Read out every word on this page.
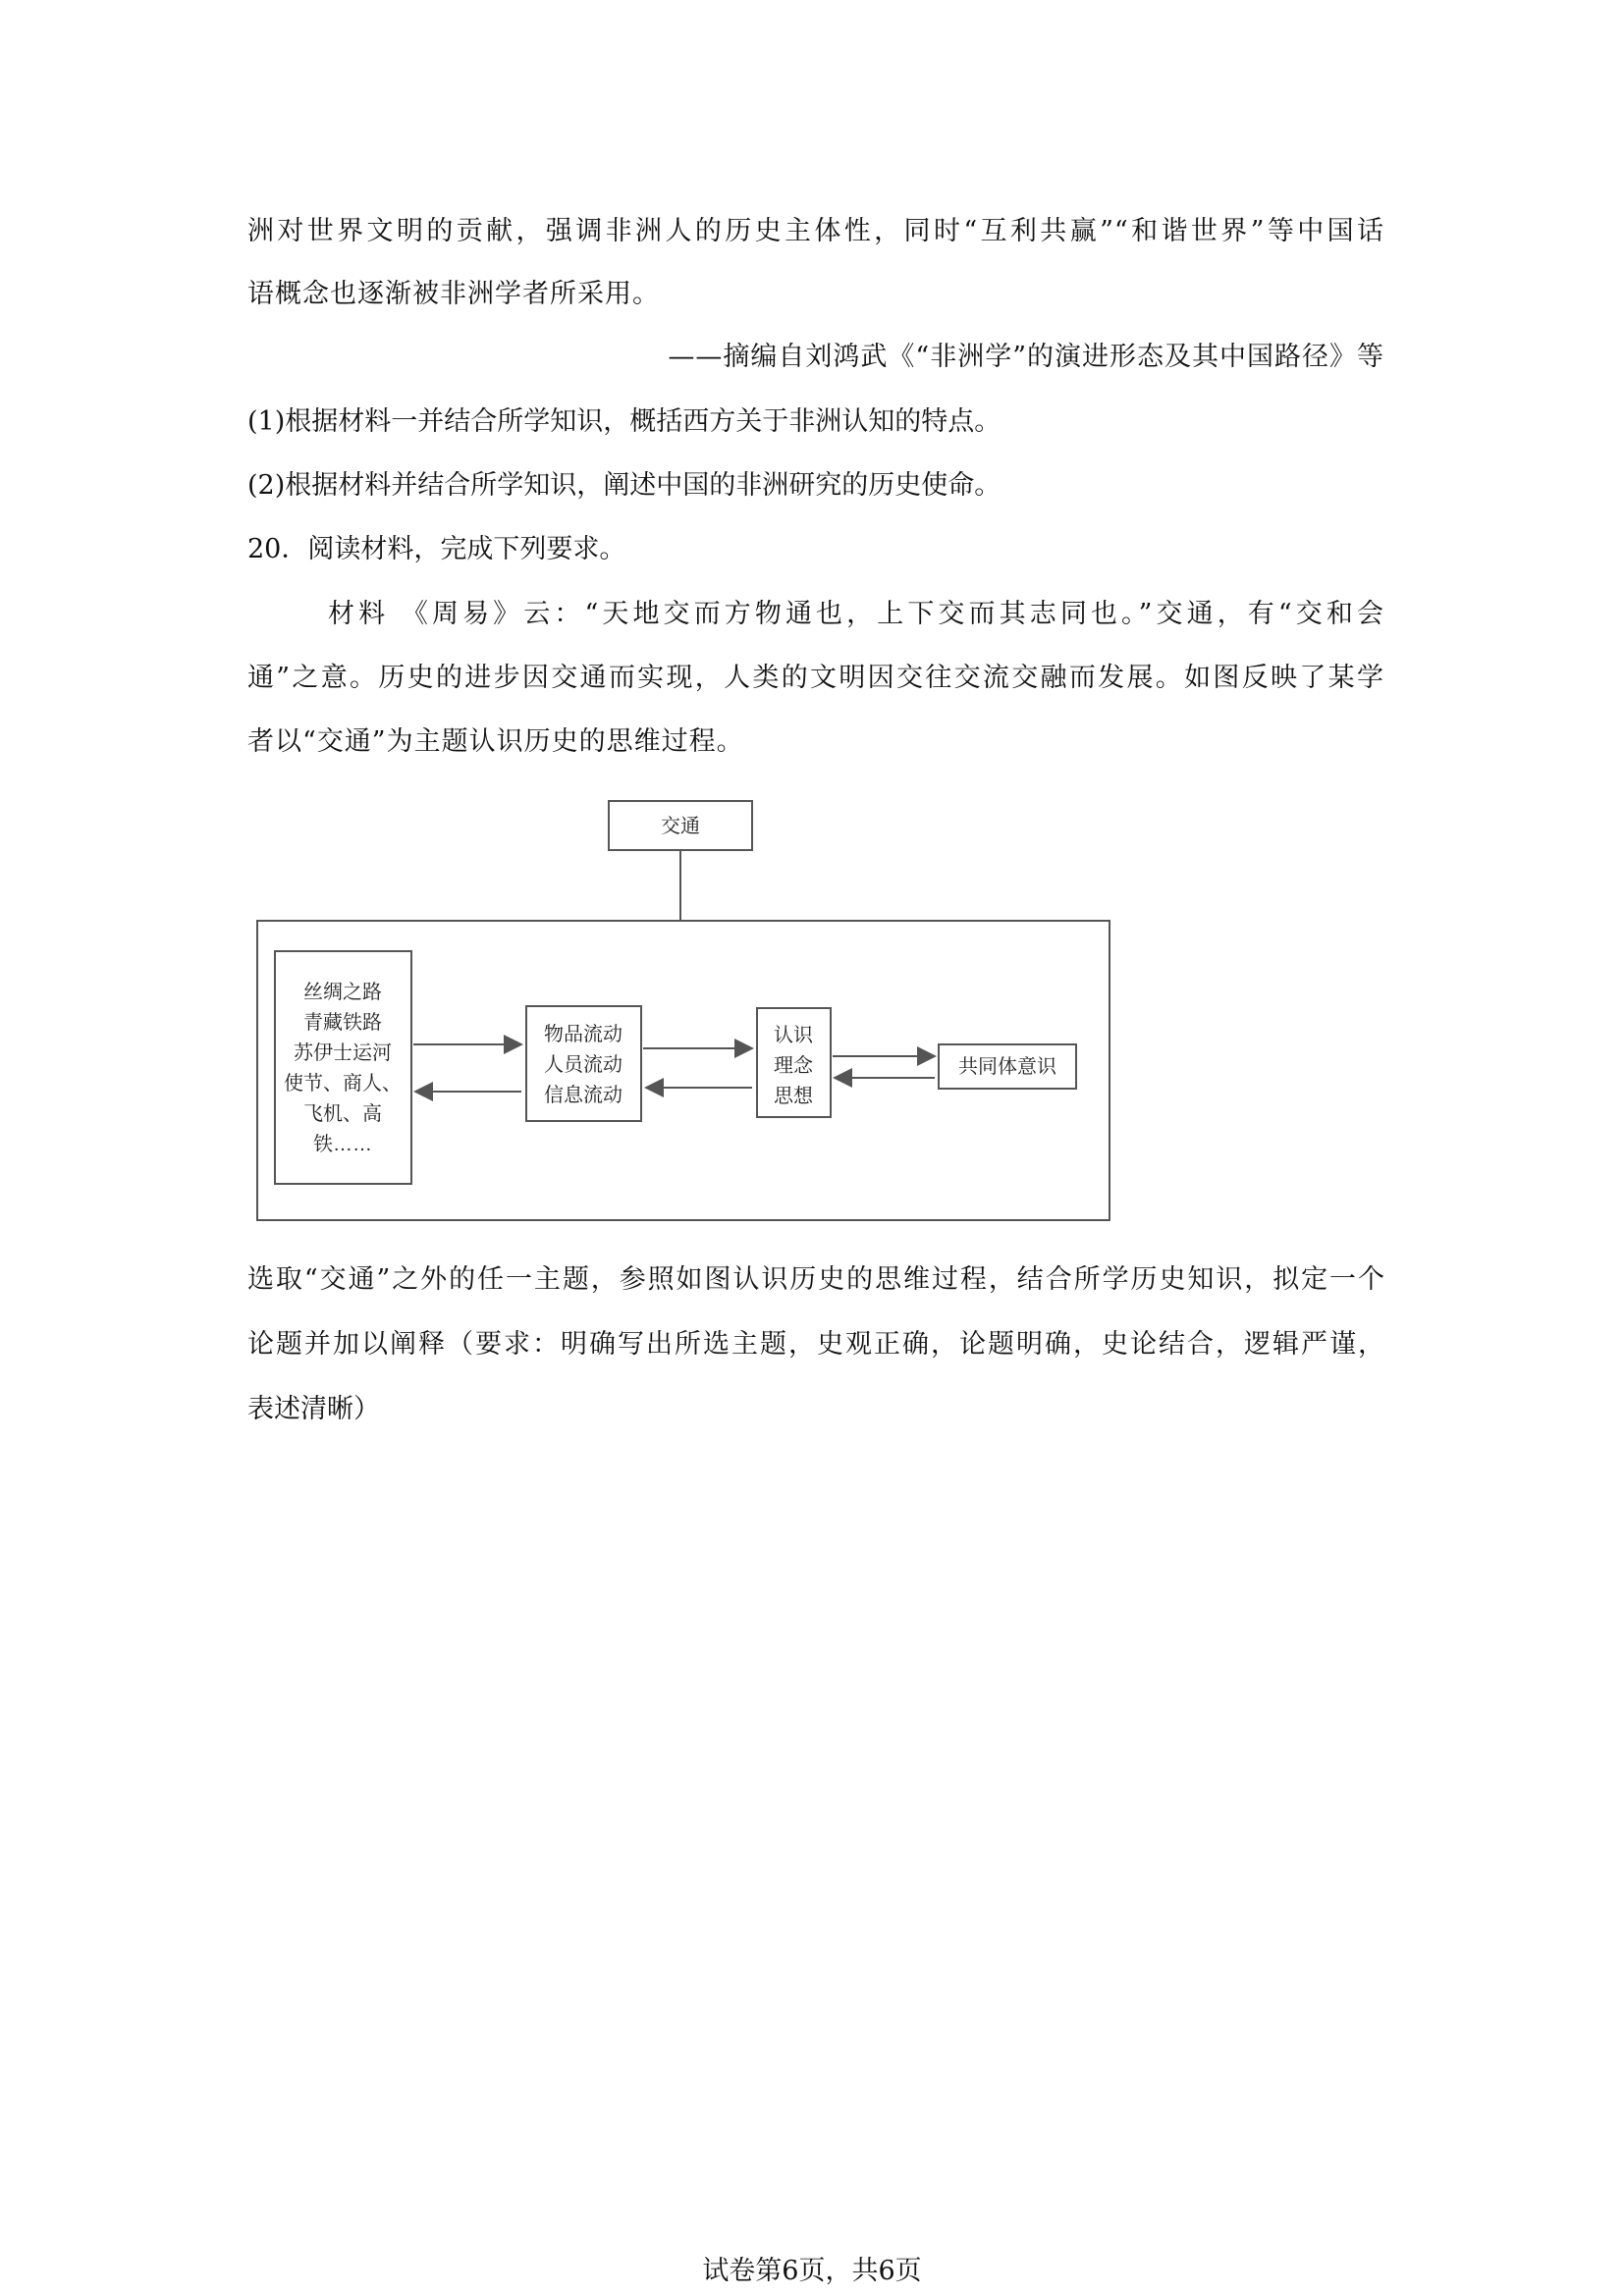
洲对世界文明的贡献，强调非洲人的历史主体性，同时“互利共赢”“和谐世界”等中国话
语概念也逐渐被非洲学者所采用。
——摘编自刘鸿武《“非洲学”的演进形态及其中国路径》等
(1)根据材料一并结合所学知识，概括西方关于非洲认知的特点。
(2)根据材料并结合所学知识，阐述中国的非洲研究的历史使命。
20．阅读材料，完成下列要求。
材料 《周易》云：“天地交而方物通也，上下交而其志同也。”交通，有“交和会
通”之意。历史的进步因交通而实现，人类的文明因交往交流交融而发展。如图反映了某学
者以“交通”为主题认识历史的思维过程。
交通
丝绸之路
青藏铁路
苏伊士运河
使节、商人、
飞机、高
铁……
物品流动
人员流动
信息流动
认识
理念
思想
共同体意识
选取“交通”之外的任一主题，参照如图认识历史的思维过程，结合所学历史知识，拟定一个
论题并加以阐释（要求：明确写出所选主题，史观正确，论题明确，史论结合，逻辑严谨，
表述清晰）
试卷第6页，共6页
